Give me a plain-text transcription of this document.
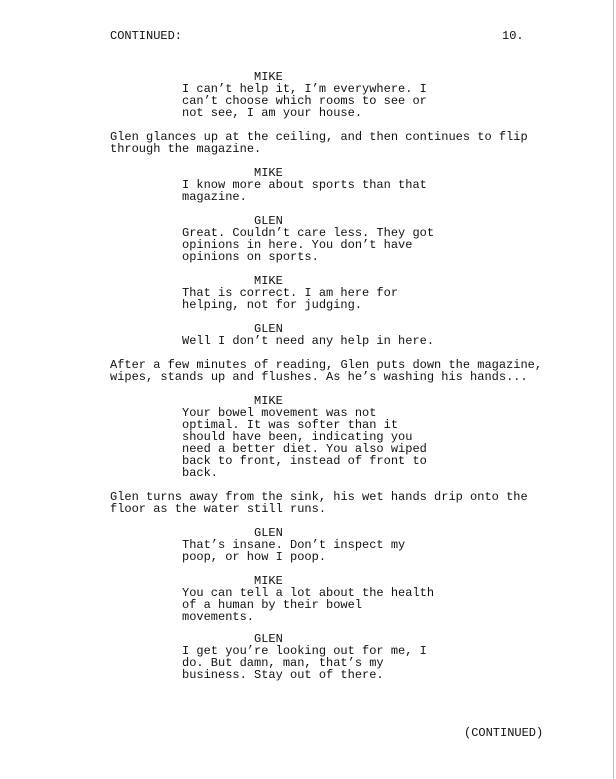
CONTINUED:	10.
MIKE
I can’t help it, I’m everywhere. I
can’t choose which rooms to see or
not see, I am your house.
Glen glances up at the ceiling, and then continues to flip
through the magazine.
MIKE
I know more about sports than that
magazine.
GLEN
Great. Couldn’t care less. They got
opinions in here. You don’t have
opinions on sports.
MIKE
That is correct. I am here for
helping, not for judging.
GLEN
Well I don’t need any help in here.
After a few minutes of reading, Glen puts down the magazine,
wipes, stands up and flushes. As he’s washing his hands...
MIKE
Your bowel movement was not
optimal. It was softer than it
should have been, indicating you
need a better diet. You also wiped
back to front, instead of front to
back.
Glen turns away from the sink, his wet hands drip onto the
floor as the water still runs.
GLEN
That’s insane. Don’t inspect my
poop, or how I poop.
MIKE
You can tell a lot about the health
of a human by their bowel
movements.
GLEN
I get you’re looking out for me, I
do. But damn, man, that’s my
business. Stay out of there.
(CONTINUED)
